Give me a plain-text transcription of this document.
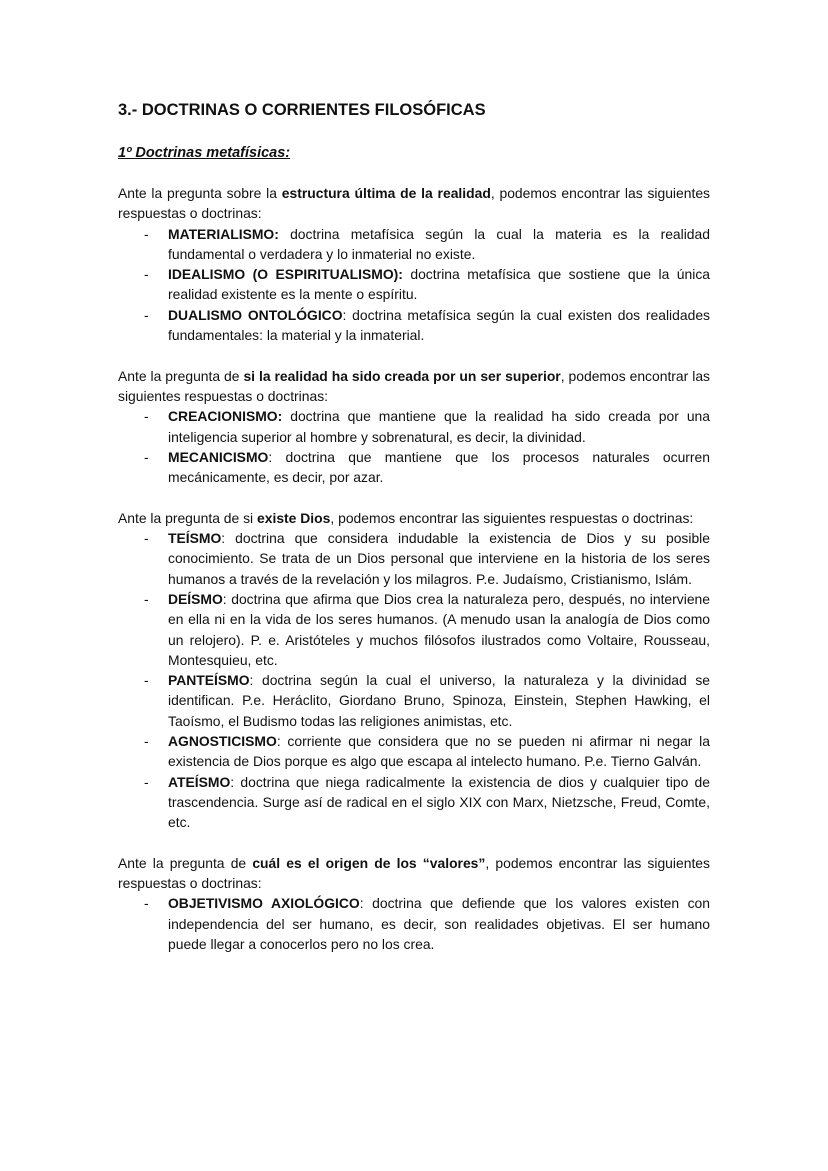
3.- DOCTRINAS O CORRIENTES FILOSÓFICAS
1º Doctrinas metafísicas:

Ante la pregunta sobre la estructura última de la realidad, podemos encontrar las siguientes respuestas o doctrinas:

- MATERIALISMO: doctrina metafísica según la cual la materia es la realidad fundamental o verdadera y lo inmaterial no existe.
- IDEALISMO (O ESPIRITUALISMO): doctrina metafísica que sostiene que la única realidad existente es la mente o espíritu.
- DUALISMO ONTOLÓGICO: doctrina metafísica según la cual existen dos realidades fundamentales: la material y la inmaterial.

Ante la pregunta de si la realidad ha sido creada por un ser superior, podemos encontrar las siguientes respuestas o doctrinas:

- CREACIONISMO: doctrina que mantiene que la realidad ha sido creada por una inteligencia superior al hombre y sobrenatural, es decir, la divinidad.
- MECANICISMO: doctrina que mantiene que los procesos naturales ocurren mecánicamente, es decir, por azar.

Ante la pregunta de si existe Dios, podemos encontrar las siguientes respuestas o doctrinas:

- TEÍSMO: doctrina que considera indudable la existencia de Dios y su posible conocimiento. Se trata de un Dios personal que interviene en la historia de los seres humanos a través de la revelación y los milagros. P.e. Judaísmo, Cristianismo, Islám.
- DEÍSMO: doctrina que afirma que Dios crea la naturaleza pero, después, no interviene en ella ni en la vida de los seres humanos. (A menudo usan la analogía de Dios como un relojero). P. e. Aristóteles y muchos filósofos ilustrados como Voltaire, Rousseau, Montesquieu, etc.
- PANTEÍSMO: doctrina según la cual el universo, la naturaleza y la divinidad se identifican. P.e. Heráclito, Giordano Bruno, Spinoza, Einstein, Stephen Hawking, el Taoísmo, el Budismo todas las religiones animistas, etc.
- AGNOSTICISMO: corriente que considera que no se pueden ni afirmar ni negar la existencia de Dios porque es algo que escapa al intelecto humano. P.e. Tierno Galván.
- ATEÍSMO: doctrina que niega radicalmente la existencia de dios y cualquier tipo de trascendencia. Surge así de radical en el siglo XIX con Marx, Nietzsche, Freud, Comte, etc.

Ante la pregunta de cuál es el origen de los “valores”, podemos encontrar las siguientes respuestas o doctrinas:

- OBJETIVISMO AXIOLÓGICO: doctrina que defiende que los valores existen con independencia del ser humano, es decir, son realidades objetivas. El ser humano puede llegar a conocerlos pero no los crea.
